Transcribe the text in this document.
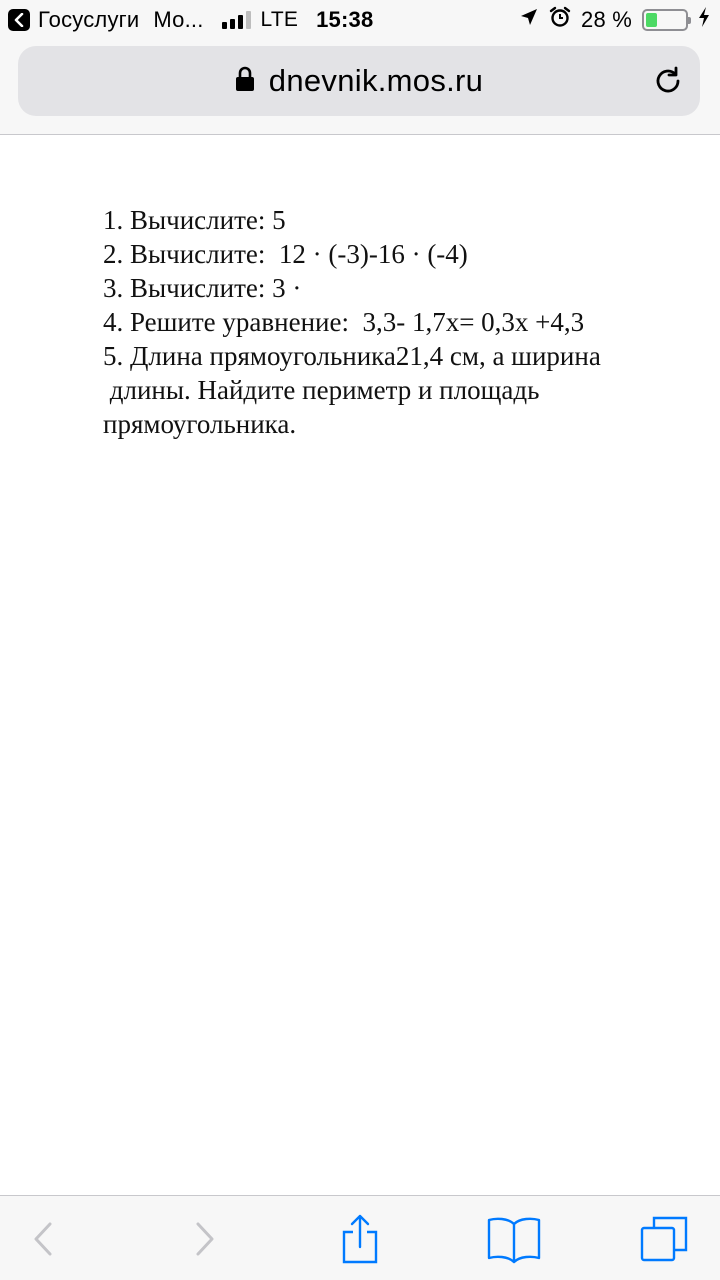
Госуслуги Мо...	LTE 15:38	28 %
dnevnik.mos.ru

1. Вычислите: 5

2. Вычислите:  12 · (-3)-16 · (-4)

3. Вычислите: 3 ·

4. Решите уравнение:  3,3- 1,7х= 0,3х +4,3

5. Длина прямоугольника21,4 см, а ширина

длины. Найдите периметр и площадь

прямоугольника.
